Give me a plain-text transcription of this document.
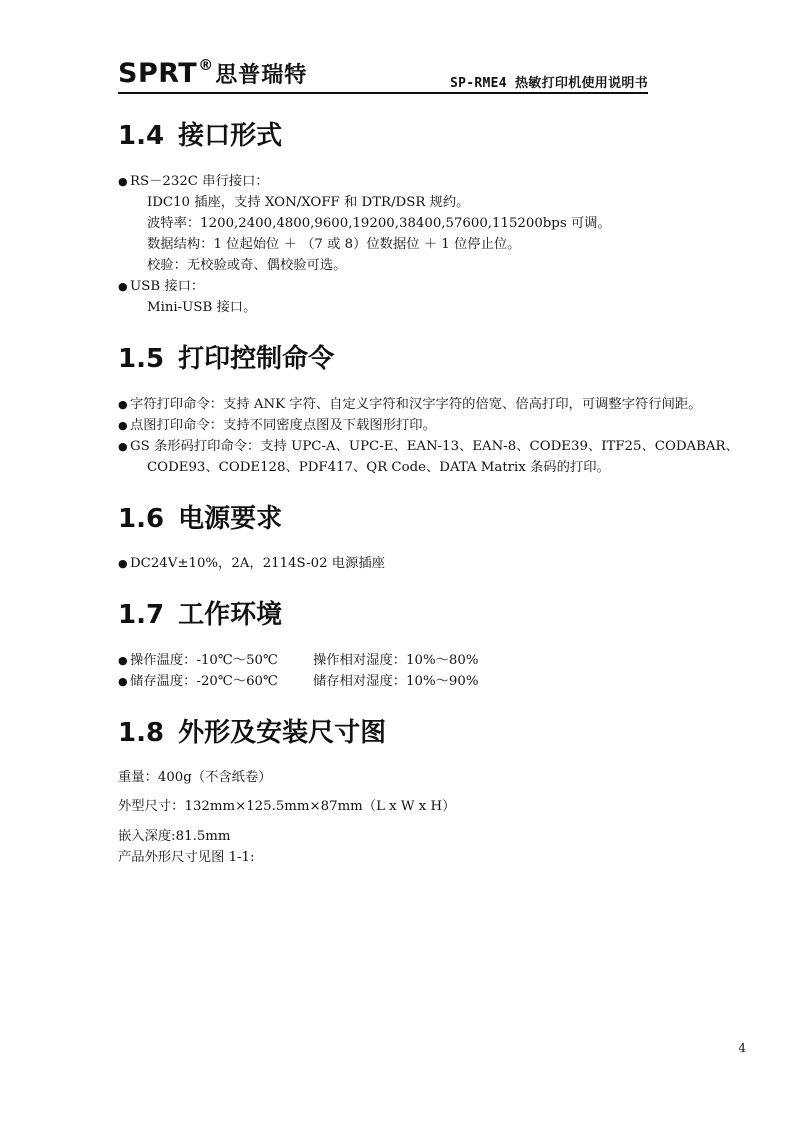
SPRT®思普瑞特	SP-RME4 热敏打印机使用说明书
1.4 接口形式
● RS－232C 串行接口：
IDC10 插座，支持 XON/XOFF 和 DTR/DSR 规约。
波特率：1200,2400,4800,9600,19200,38400,57600,115200bps 可调。
数据结构：1 位起始位 ＋ （7 或 8）位数据位 ＋ 1 位停止位。
校验：无校验或奇、偶校验可选。
● USB 接口：
Mini-USB 接口。
1.5 打印控制命令
● 字符打印命令：支持 ANK 字符、自定义字符和汉字字符的倍宽、倍高打印，可调整字符行间距。
● 点图打印命令：支持不同密度点图及下载图形打印。
● GS 条形码打印命令：支持 UPC-A、UPC-E、EAN-13、EAN-8、CODE39、ITF25、CODABAR、
CODE93、CODE128、PDF417、QR Code、DATA Matrix 条码的打印。
1.6 电源要求
● DC24V±10%，2A，2114S-02 电源插座
1.7 工作环境
● 操作温度：-10℃～50℃	操作相对湿度：10%～80%
● 储存温度：-20℃～60℃	储存相对湿度：10%～90%
1.8 外形及安装尺寸图
重量：400g（不含纸卷）
外型尺寸：132mm×125.5mm×87mm（L x W x H）
嵌入深度:81.5mm
产品外形尺寸见图 1-1:
4
